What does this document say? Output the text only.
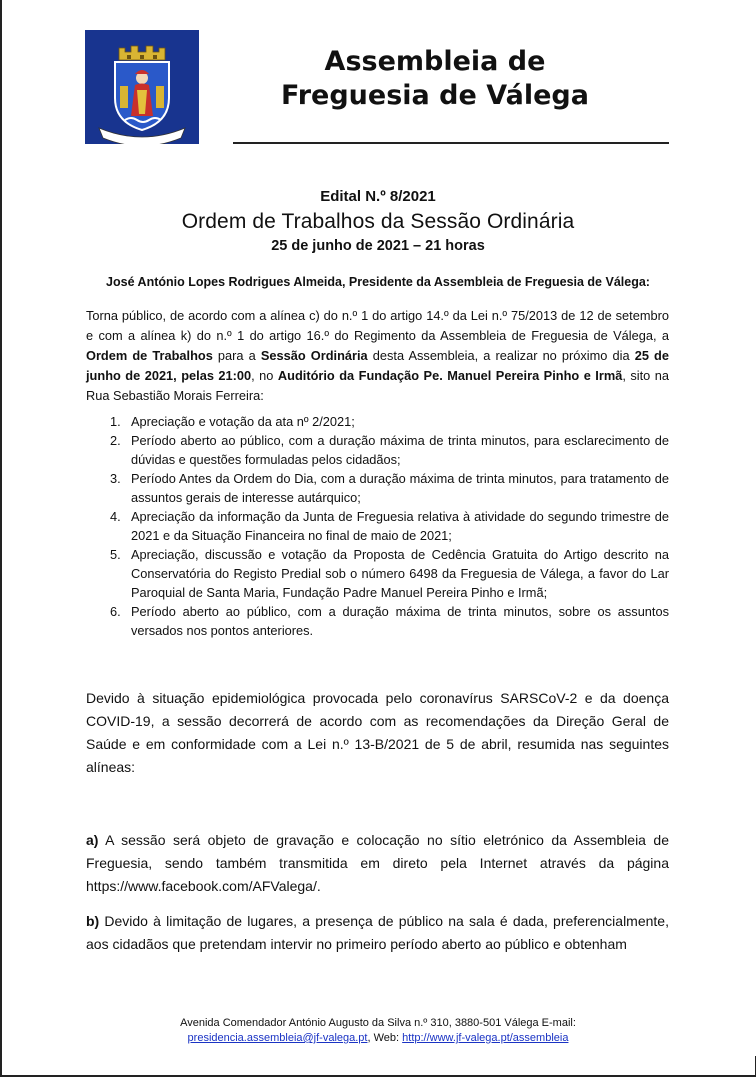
Assembleia de
Freguesia de Válega
Edital N.º 8/2021
Ordem de Trabalhos da Sessão Ordinária
25 de junho de 2021 – 21 horas
José António Lopes Rodrigues Almeida, Presidente da Assembleia de Freguesia de Válega:
Torna público, de acordo com a alínea c) do n.º 1 do artigo 14.º da Lei n.º 75/2013 de 12 de setembro e com a alínea k) do n.º 1 do artigo 16.º do Regimento da Assembleia de Freguesia de Válega, a Ordem de Trabalhos para a Sessão Ordinária desta Assembleia, a realizar no próximo dia 25 de junho de 2021, pelas 21:00, no Auditório da Fundação Pe. Manuel Pereira Pinho e Irmã, sito na Rua Sebastião Morais Ferreira:
1. Apreciação e votação da ata nº 2/2021;
2. Período aberto ao público, com a duração máxima de trinta minutos, para esclarecimento de dúvidas e questões formuladas pelos cidadãos;
3. Período Antes da Ordem do Dia, com a duração máxima de trinta minutos, para tratamento de assuntos gerais de interesse autárquico;
4. Apreciação da informação da Junta de Freguesia relativa à atividade do segundo trimestre de 2021 e da Situação Financeira no final de maio de 2021;
5. Apreciação, discussão e votação da Proposta de Cedência Gratuita do Artigo descrito na Conservatória do Registo Predial sob o número 6498 da Freguesia de Válega, a favor do Lar Paroquial de Santa Maria, Fundação Padre Manuel Pereira Pinho e Irmã;
6. Período aberto ao público, com a duração máxima de trinta minutos, sobre os assuntos versados nos pontos anteriores.
Devido à situação epidemiológica provocada pelo coronavírus SARSCoV-2 e da doença COVID-19, a sessão decorrerá de acordo com as recomendações da Direção Geral de Saúde e em conformidade com a Lei n.º 13-B/2021 de 5 de abril, resumida nas seguintes alíneas:
a) A sessão será objeto de gravação e colocação no sítio eletrónico da Assembleia de Freguesia, sendo também transmitida em direto pela Internet através da página https://www.facebook.com/AFValega/.
b) Devido à limitação de lugares, a presença de público na sala é dada, preferencialmente, aos cidadãos que pretendam intervir no primeiro período aberto ao público e obtenham
Avenida Comendador António Augusto da Silva n.º 310, 3880-501 Válega E-mail:
presidencia.assembleia@jf-valega.pt, Web: http://www.jf-valega.pt/assembleia
